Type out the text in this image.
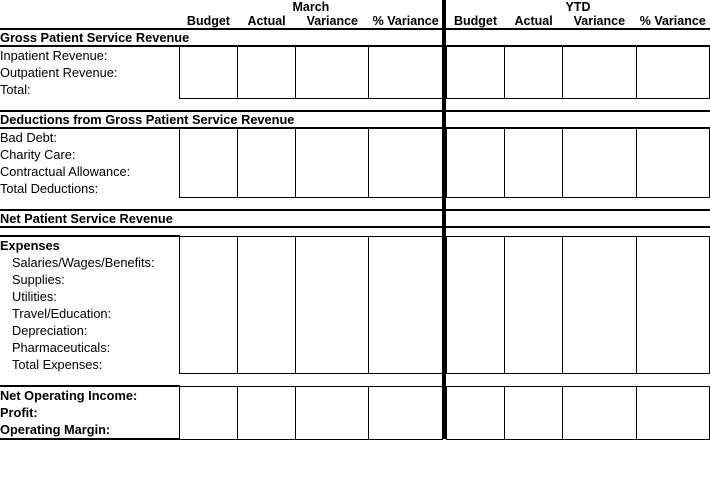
	March					YTD			
	Budget	Actual	Variance	% Variance		Budget	Actual	Variance	% Variance
Gross Patient Service Revenue									

Inpatient Revenue:
Outpatient Revenue:
Total:									

Deductions from Gross Patient Service Revenue									

Bad Debt:
Charity Care:
Contractual Allowance:
Total Deductions:									

Net Patient Service Revenue									

Expenses
Salaries/Wages/Benefits:
Supplies:
Utilities:
Travel/Education:
Depreciation:
Pharmaceuticals:
Total Expenses:

Net Operating Income:
Profit:
Operating Margin:									
